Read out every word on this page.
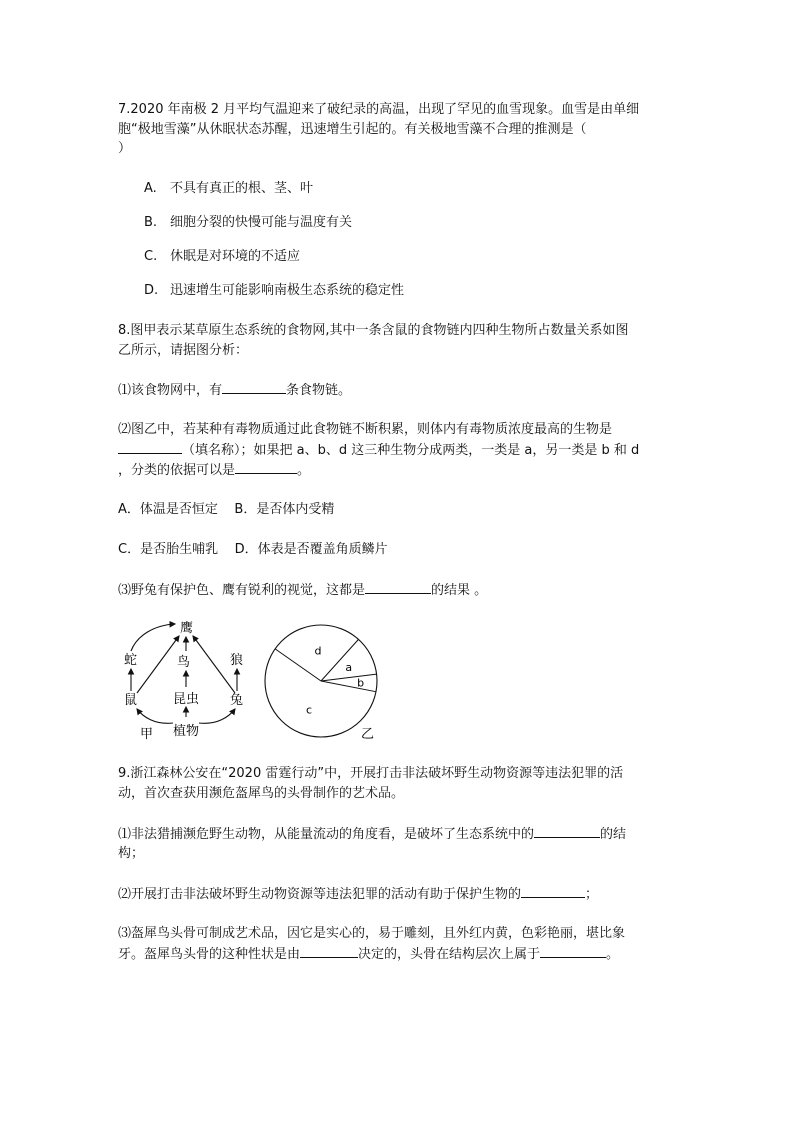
7.2020 年南极 2 月平均气温迎来了破纪录的高温，出现了罕见的血雪现象。血雪是由单细
胞“极地雪藻”从休眠状态苏醒，迅速增生引起的。有关极地雪藻不合理的推测是（
）
A. 不具有真正的根、茎、叶
B. 细胞分裂的快慢可能与温度有关
C. 休眠是对环境的不适应
D. 迅速增生可能影响南极生态系统的稳定性
8.图甲表示某草原生态系统的食物网,其中一条含鼠的食物链内四种生物所占数量关系如图
乙所示，请据图分析：
⑴该食物网中，有	条食物链。
⑵图乙中，若某种有毒物质通过此食物链不断积累，则体内有毒物质浓度最高的生物是
（填名称）；如果把 a、b、d 这三种生物分成两类，一类是 a，另一类是 b 和 d
，分类的依据可以是	。
A．体温是否恒定    B．是否体内受精
C．是否胎生哺乳    D．体表是否覆盖角质鳞片
⑶野兔有保护色、鹰有锐利的视觉，这都是	的结果 。
鹰
蛇	鸟	狼
鼠	昆虫 兔
植物
甲
a
b
c
d
乙
9.浙江森林公安在“2020 雷霆行动”中，开展打击非法破坏野生动物资源等违法犯罪的活
动，首次查获用濒危盔犀鸟的头骨制作的艺术品。
⑴非法猎捕濒危野生动物，从能量流动的角度看，是破坏了生态系统中的	的结
构；
⑵开展打击非法破坏野生动物资源等违法犯罪的活动有助于保护生物的	；
⑶盔犀鸟头骨可制成艺术品，因它是实心的，易于雕刻，且外红内黄，色彩艳丽，堪比象
牙。盔犀鸟头骨的这种性状是由	决定的，头骨在结构层次上属于	。
